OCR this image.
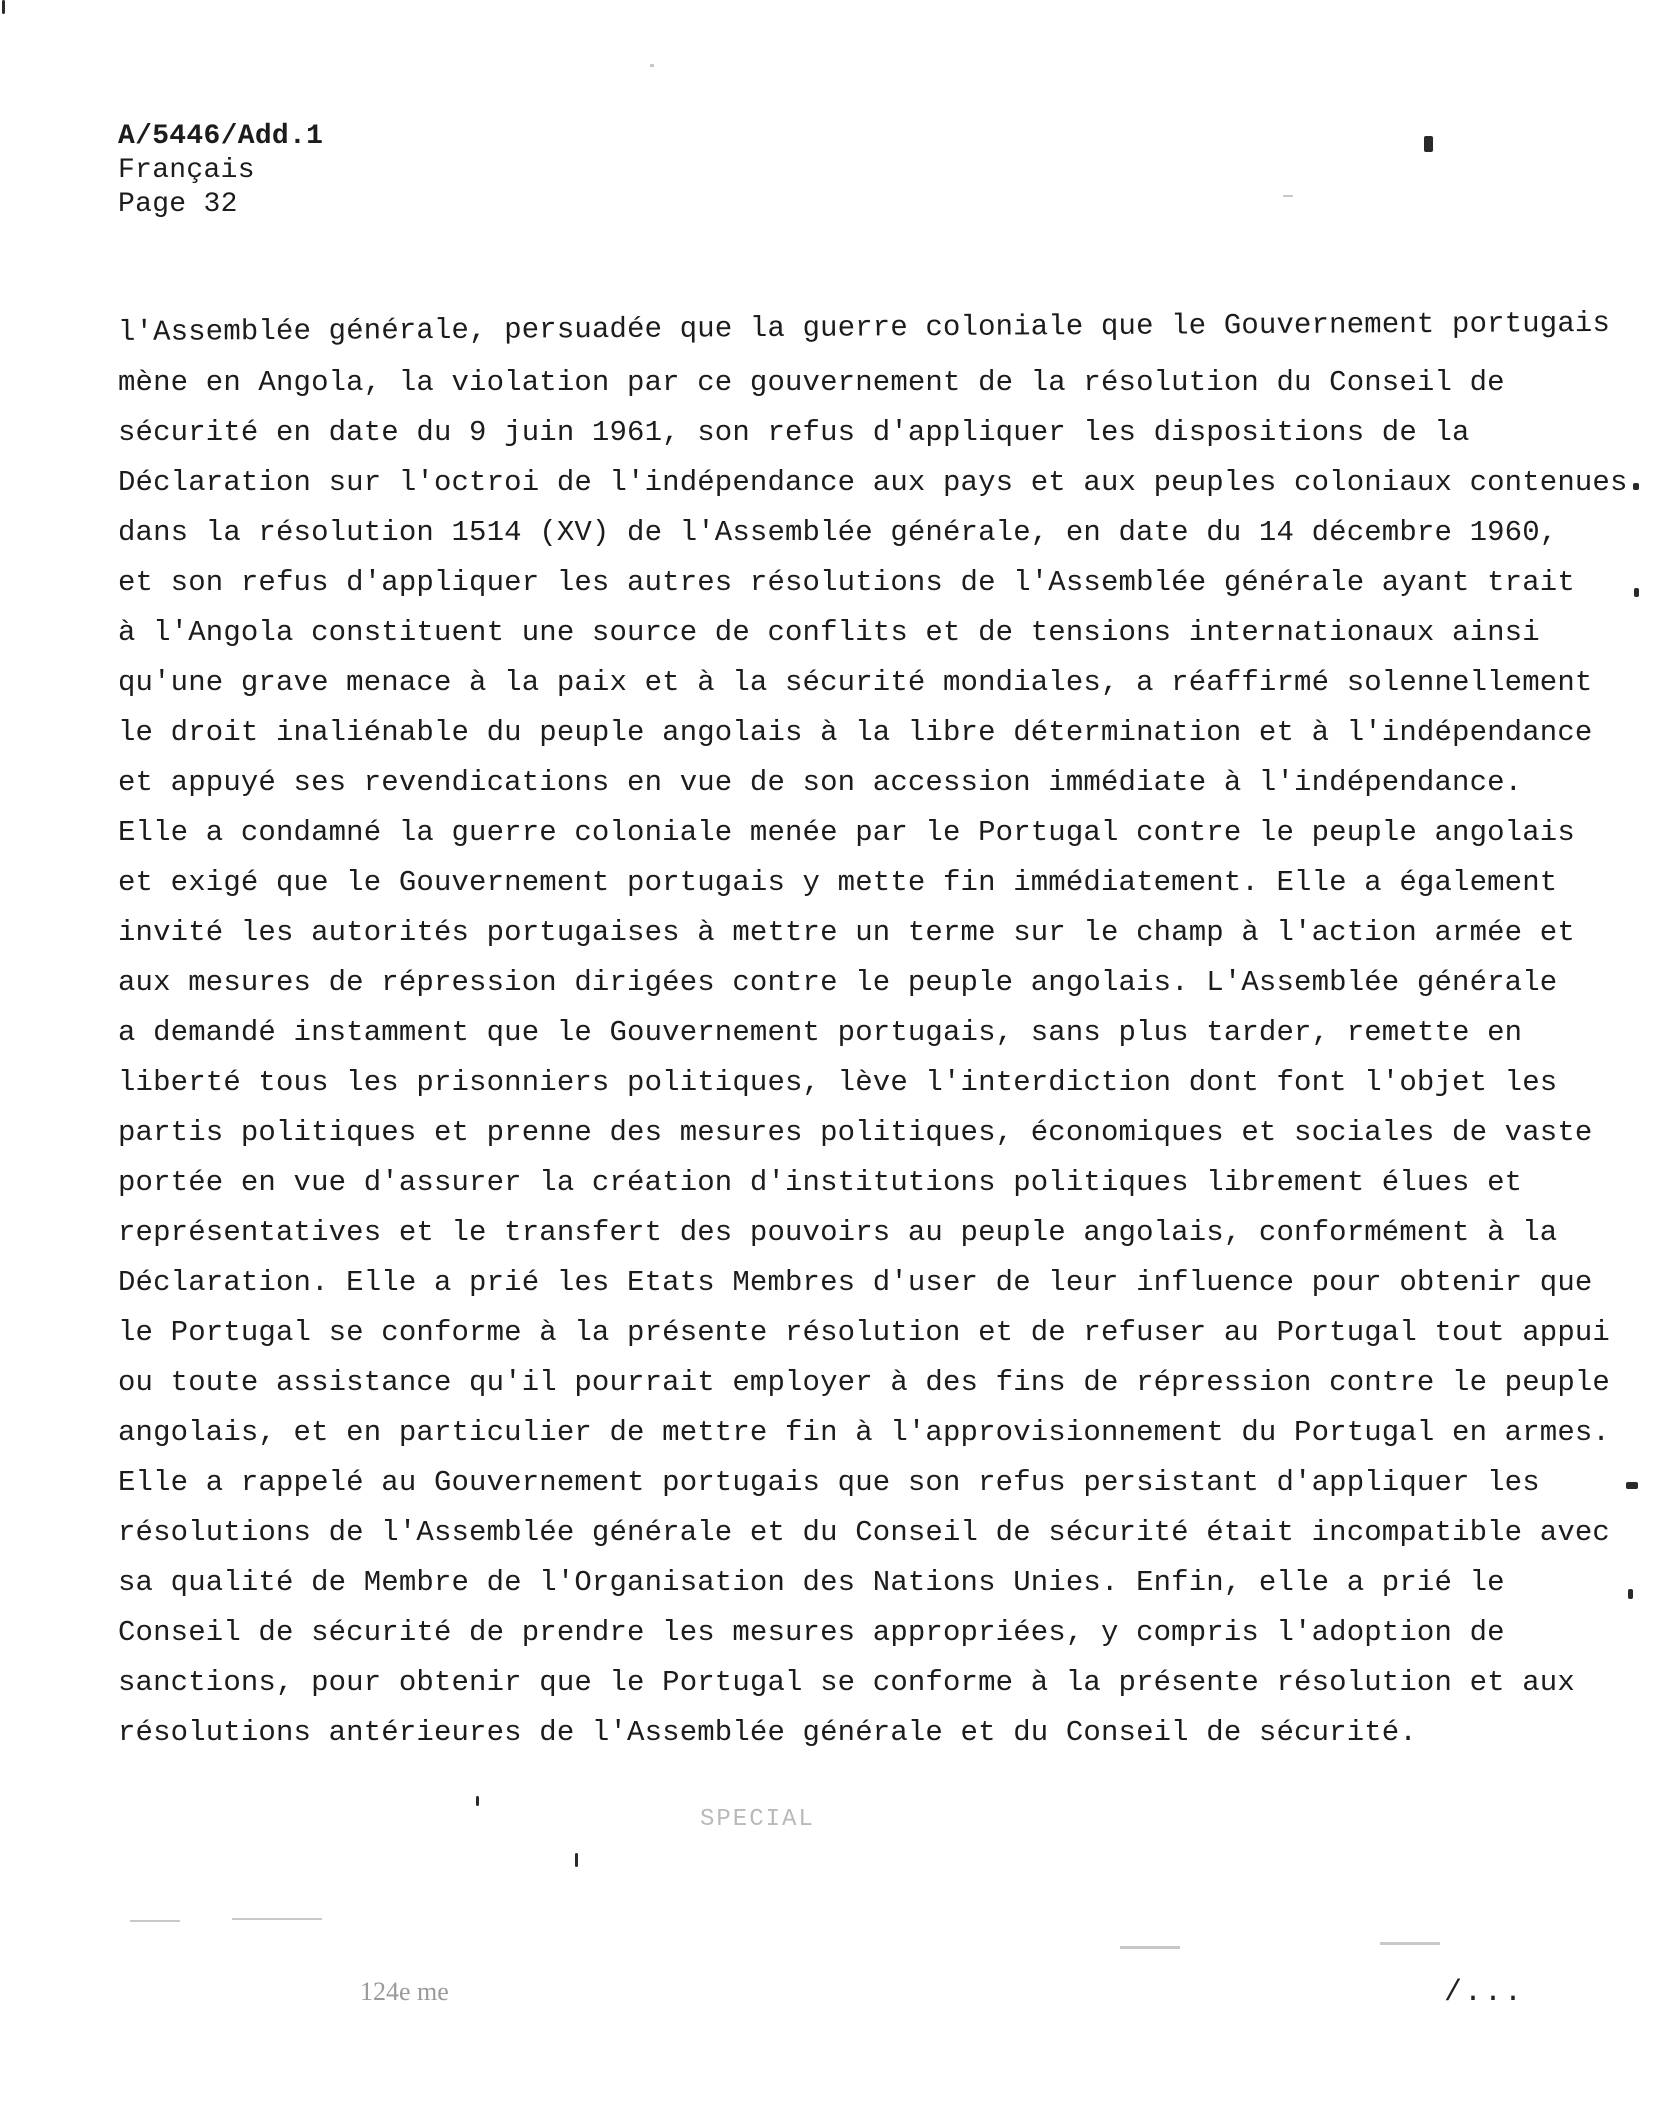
A/5446/Add.1
Français
Page 32
l'Assemblée générale, persuadée que la guerre coloniale que le Gouvernement portugais
mène en Angola, la violation par ce gouvernement de la résolution du Conseil de
sécurité en date du 9 juin 1961, son refus d'appliquer les dispositions de la
Déclaration sur l'octroi de l'indépendance aux pays et aux peuples coloniaux contenues
dans la résolution 1514 (XV) de l'Assemblée générale, en date du 14 décembre 1960,
et son refus d'appliquer les autres résolutions de l'Assemblée générale ayant trait
à l'Angola constituent une source de conflits et de tensions internationaux ainsi
qu'une grave menace à la paix et à la sécurité mondiales, a réaffirmé solennellement
le droit inaliénable du peuple angolais à la libre détermination et à l'indépendance
et appuyé ses revendications en vue de son accession immédiate à l'indépendance.
Elle a condamné la guerre coloniale menée par le Portugal contre le peuple angolais
et exigé que le Gouvernement portugais y mette fin immédiatement. Elle a également
invité les autorités portugaises à mettre un terme sur le champ à l'action armée et
aux mesures de répression dirigées contre le peuple angolais. L'Assemblée générale
a demandé instamment que le Gouvernement portugais, sans plus tarder, remette en
liberté tous les prisonniers politiques, lève l'interdiction dont font l'objet les
partis politiques et prenne des mesures politiques, économiques et sociales de vaste
portée en vue d'assurer la création d'institutions politiques librement élues et
représentatives et le transfert des pouvoirs au peuple angolais, conformément à la
Déclaration. Elle a prié les Etats Membres d'user de leur influence pour obtenir que
le Portugal se conforme à la présente résolution et de refuser au Portugal tout appui
ou toute assistance qu'il pourrait employer à des fins de répression contre le peuple
angolais, et en particulier de mettre fin à l'approvisionnement du Portugal en armes.
Elle a rappelé au Gouvernement portugais que son refus persistant d'appliquer les
résolutions de l'Assemblée générale et du Conseil de sécurité était incompatible avec
sa qualité de Membre de l'Organisation des Nations Unies. Enfin, elle a prié le
Conseil de sécurité de prendre les mesures appropriées, y compris l'adoption de
sanctions, pour obtenir que le Portugal se conforme à la présente résolution et aux
résolutions antérieures de l'Assemblée générale et du Conseil de sécurité.
SPECIAL
124e me	/...
